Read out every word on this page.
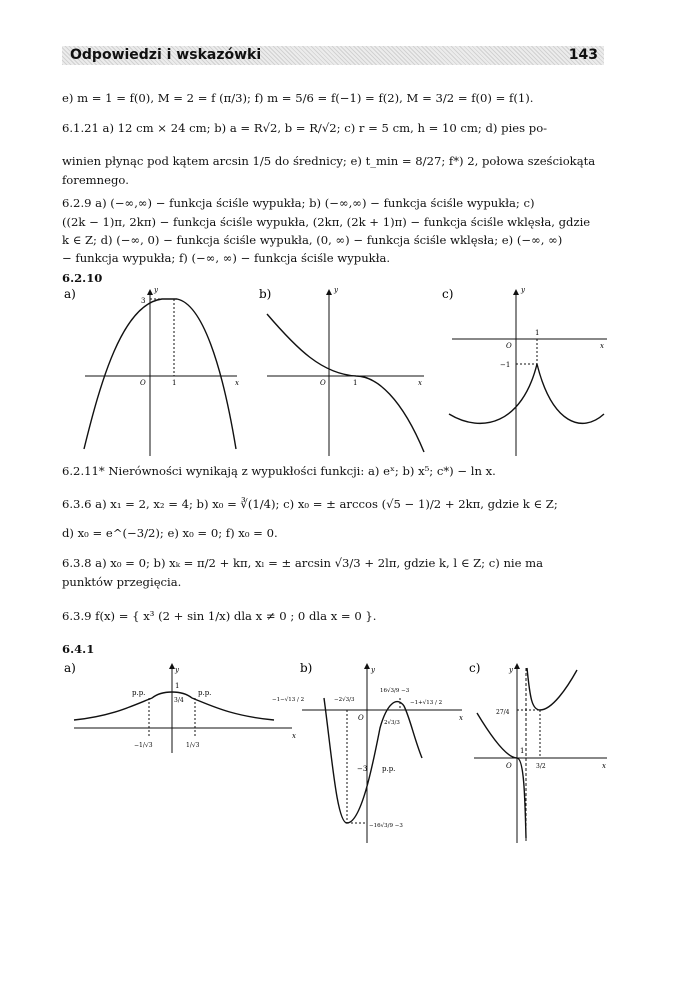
Odpowiedzi i wskazówki	143
e) m = 1 = f(0), M = 2 = f (π/3); f) m = 5/6 = f(−1) = f(2), M = 3/2 = f(0) = f(1).
6.1.21 a) 12 cm × 24 cm; b) a = R√2, b = R/√2; c) r = 5 cm, h = 10 cm; d) pies po-
winien płynąc pod kątem arcsin 1/5 do średnicy; e) t_min = 8/27; f*) 2, połowa sześciokąta
foremnego.
6.2.9 a) (−∞,∞) − funkcja ściśle wypukła; b) (−∞,∞) − funkcja ściśle wypukła; c)
((2k − 1)π, 2kπ) − funkcja ściśle wypukła, (2kπ, (2k + 1)π) − funkcja ściśle wklęsła, gdzie
k ∈ Z; d) (−∞, 0) − funkcja ściśle wypukła, (0, ∞) − funkcja ściśle wklęsła; e) (−∞, ∞)
− funkcja wypukła; f) (−∞, ∞) − funkcja ściśle wypukła.
6.2.10
a)	y
x
O	1
3	b)	y
x
O	1
c)	y
x
O
1
−1
6.2.11* Nierówności wynikają z wypukłości funkcji: a) eˣ; b) x⁵; c*) − ln x.
6.3.6 a) x₁ = 2, x₂ = 4; b) x₀ = ∛(1/4); c) x₀ = ± arccos (√5 − 1)/2 + 2kπ, gdzie k ∈ Z;
d) x₀ = e^(−3/2); e) x₀ = 0; f) x₀ = 0.
6.3.8 a) x₀ = 0; b) xₖ = π/2 + kπ, xₗ = ± arcsin √3/3 + 2lπ, gdzie k, l ∈ Z; c) nie ma
punktów przegięcia.
6.3.9 f(x) = { x³ (2 + sin 1/x) dla x ≠ 0 ; 0 dla x = 0 }.
6.4.1
a)	y
x
1
p.p.	p.p.
3/4
−1/√3	1/√3
b)	y
x
O
−3 p.p.
−1−√13 / 2	−2√3/3
16√3/9 −3
−1+√13 / 2
2√3/3
−16√3/9 −3
c)	y
x
O
1
27/4
3/2
